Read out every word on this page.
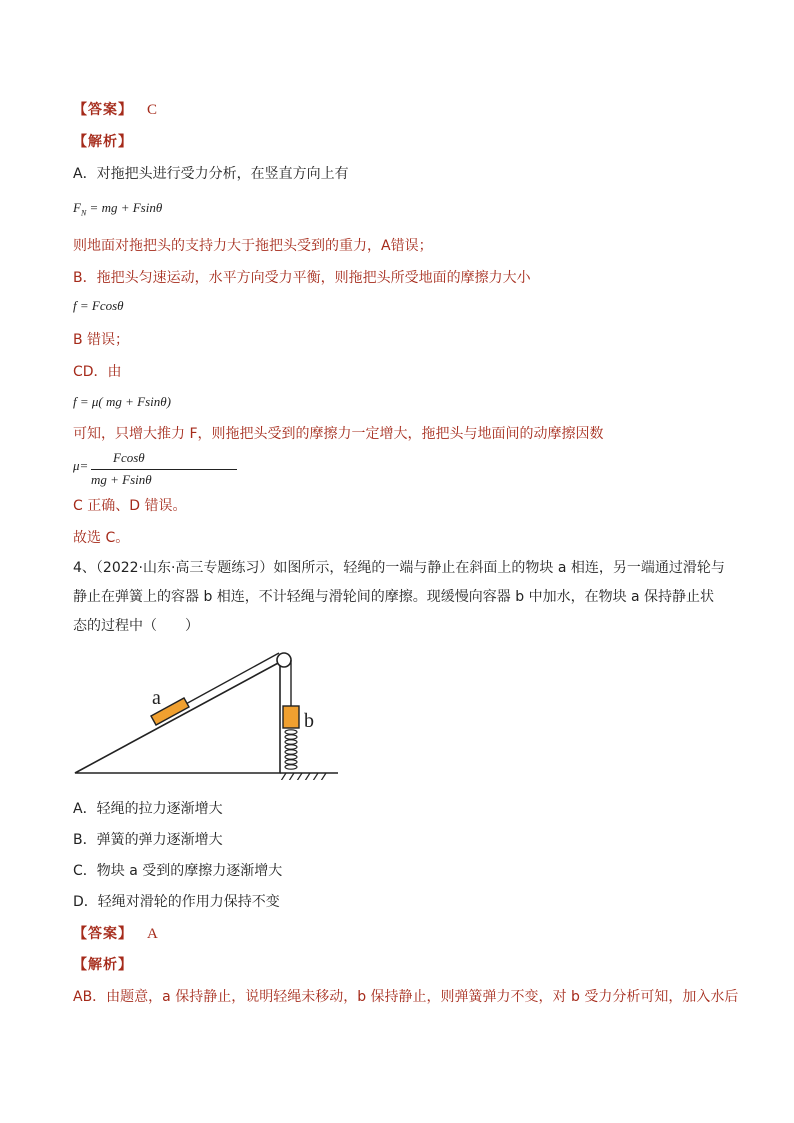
【答案】 C
【解析】
A．对拖把头进行受力分析，在竖直方向上有
$F_N$ = mg + Fsinθ
则地面对拖把头的支持力大于拖把头受到的重力，A错误；
B．拖把头匀速运动，水平方向受力平衡，则拖把头所受地面的摩擦力大小
f = Fcosθ
B 错误；
CD．由
f = μ( mg + Fsinθ)
可知，只增大推力 F，则拖把头受到的摩擦力一定增大，拖把头与地面间的动摩擦因数
μ=
Fcosθ
mg + Fsinθ
C 正确、D 错误。
故选 C。
4、（2022·山东·高三专题练习）如图所示，轻绳的一端与静止在斜面上的物块 a 相连，另一端通过滑轮与静止在弹簧上的容器 b 相连，不计轻绳与滑轮间的摩擦。现缓慢向容器 b 中加水，在物块 a 保持静止状态的过程中（　　）
a
b
A．轻绳的拉力逐渐增大
B．弹簧的弹力逐渐增大
C．物块 a 受到的摩擦力逐渐增大
D．轻绳对滑轮的作用力保持不变
【答案】 A
【解析】
AB．由题意，a 保持静止，说明轻绳未移动，b 保持静止，则弹簧弹力不变，对 b 受力分析可知，加入水后
